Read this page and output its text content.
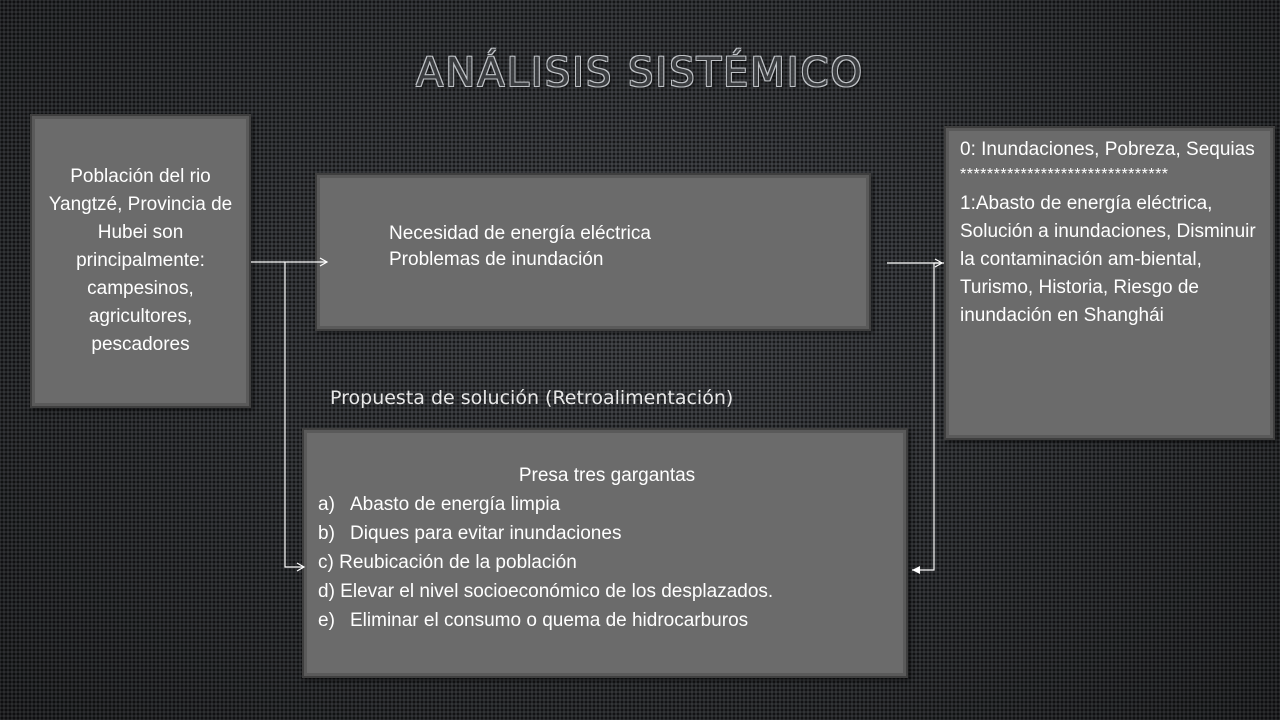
ANÁLISIS SISTÉMICO
Población del rio Yangtzé, Provincia de Hubei son principalmente: campesinos, agricultores, pescadores
Necesidad de energía eléctrica
Problemas de inundación
0: Inundaciones, Pobreza, Sequias
*******************************
1:Abasto de energía eléctrica, Solución a inundaciones, Disminuir la contaminación am-biental, Turismo, Historia, Riesgo de inundación en Shanghái
Propuesta de solución (Retroalimentación)
Presa tres gargantas
a) Abasto de energía limpia
b) Diques para evitar inundaciones
c) Reubicación de la población
d) Elevar el nivel socioeconómico de los desplazados.
e) Eliminar el consumo o quema de hidrocarburos
